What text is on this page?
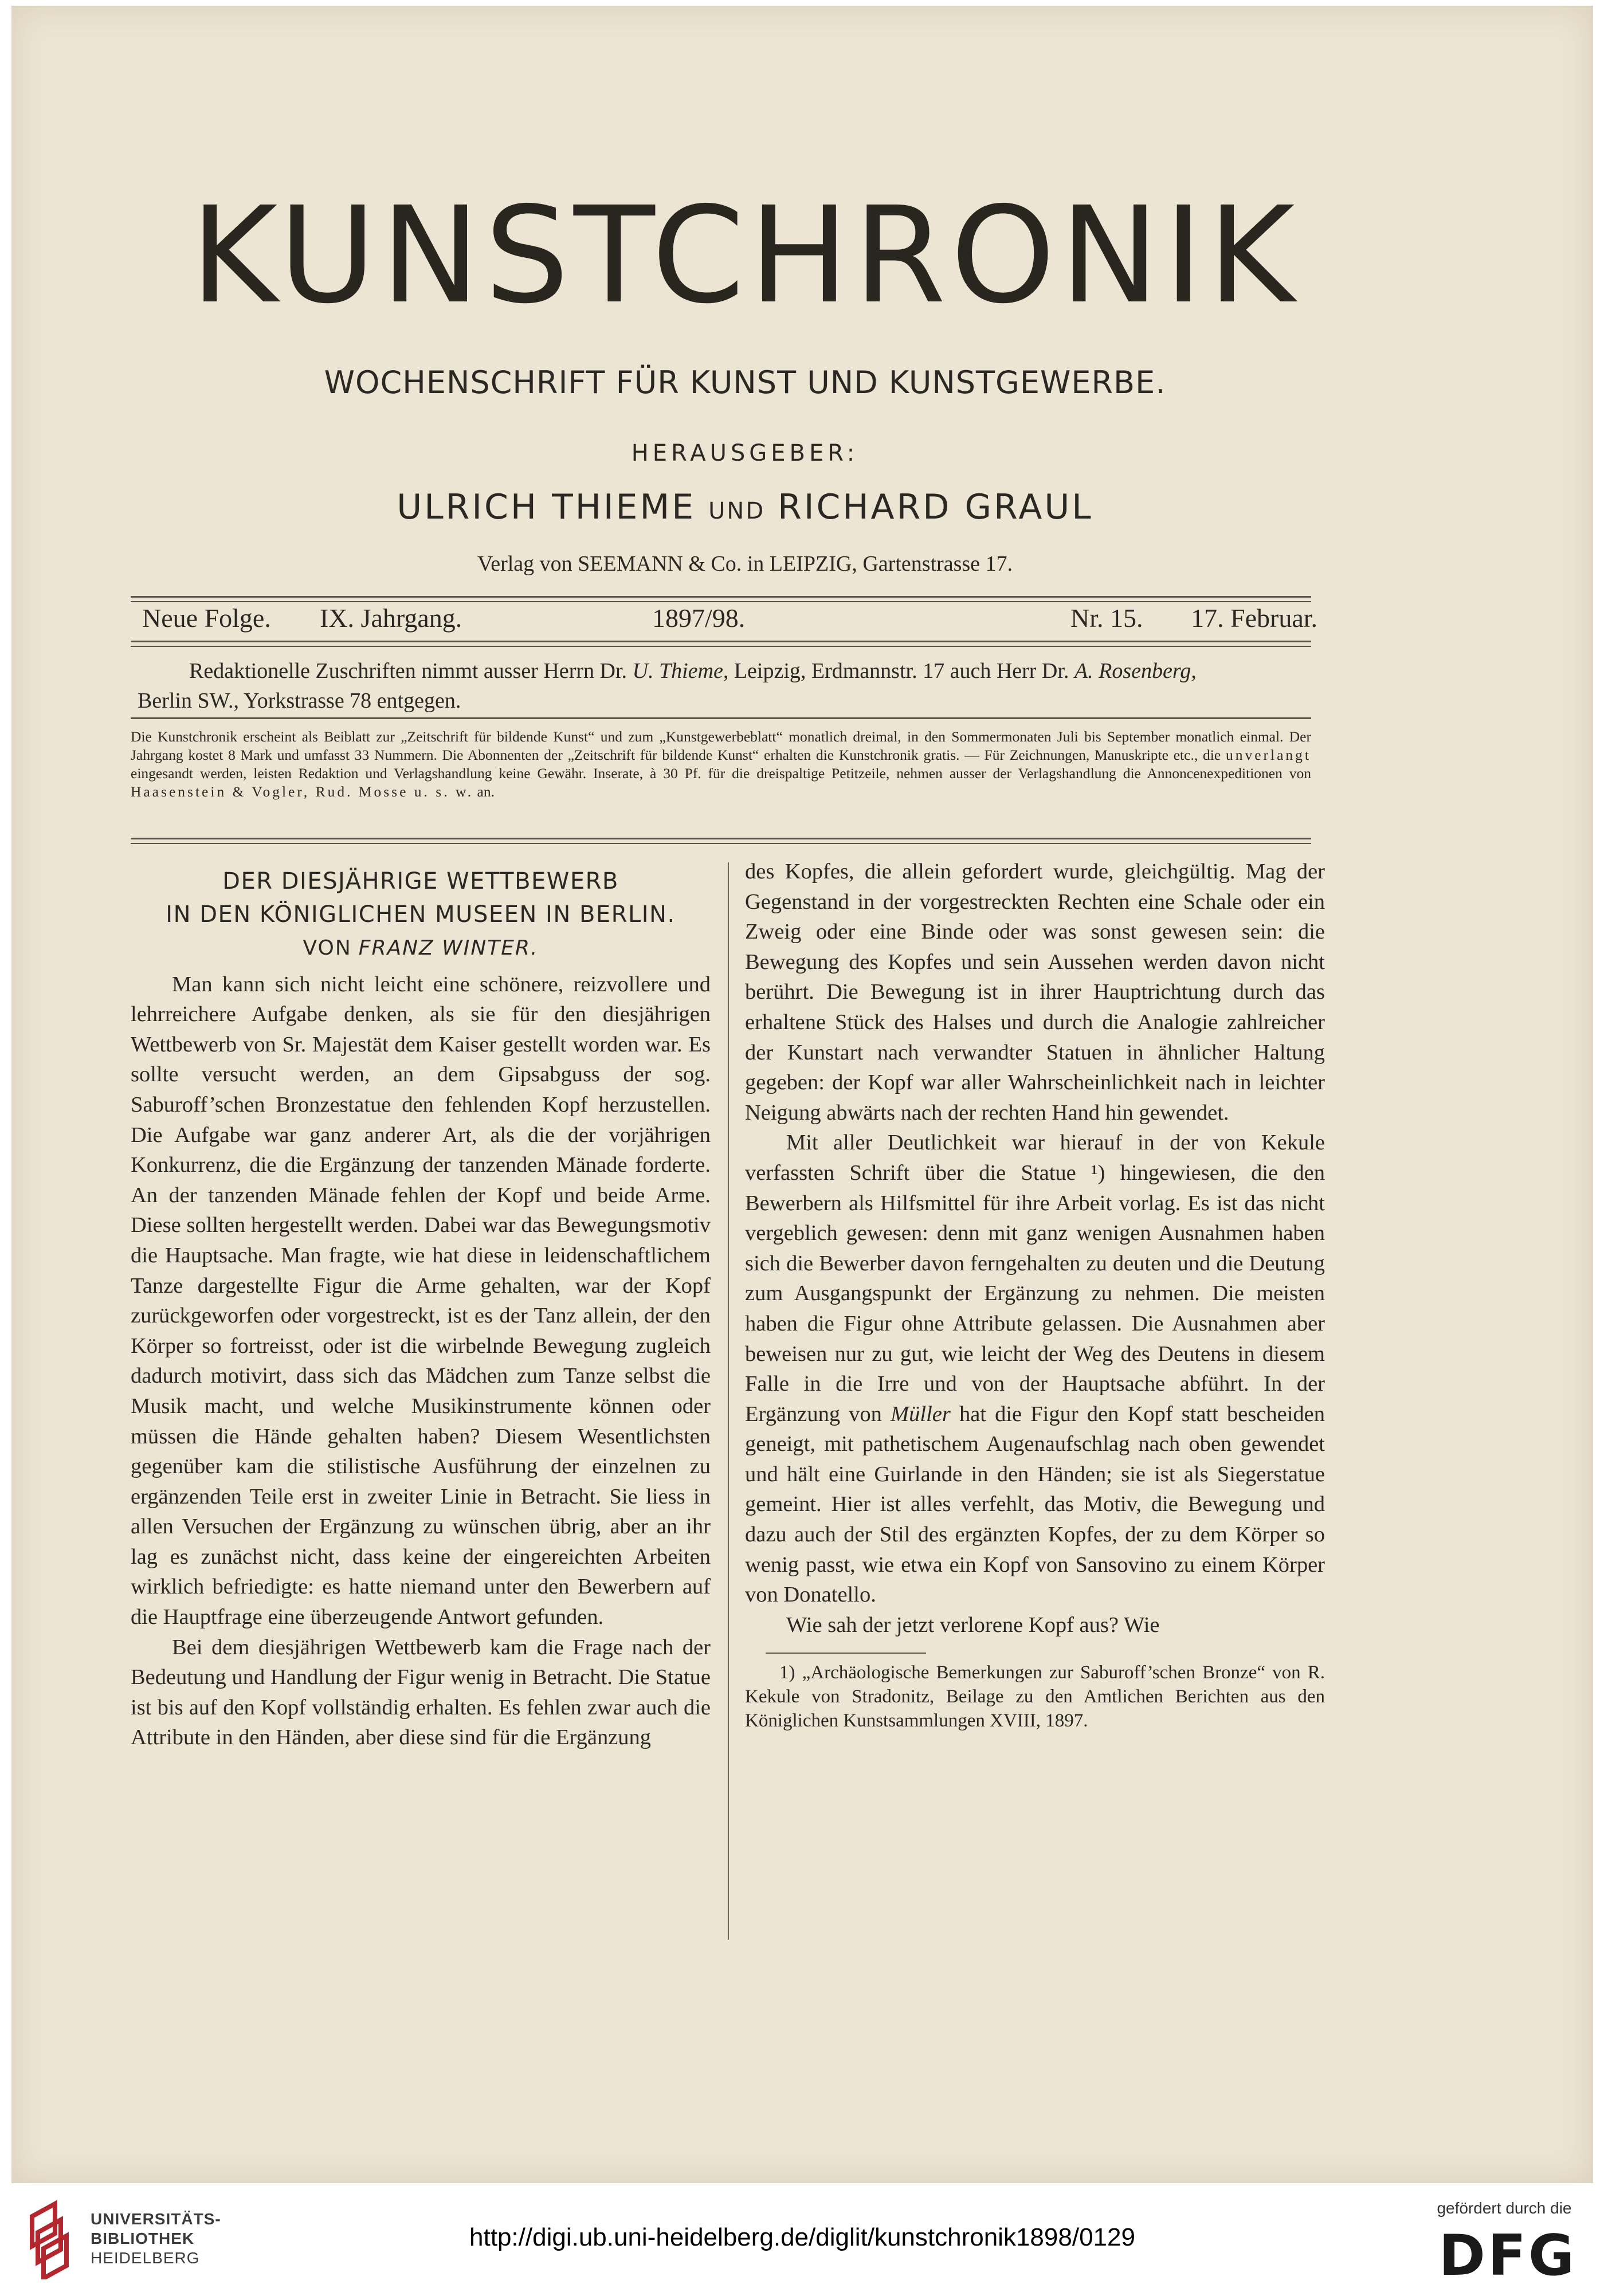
KUNSTCHRONIK
WOCHENSCHRIFT FÜR KUNST UND KUNSTGEWERBE.
HERAUSGEBER:
ULRICH THIEME UND RICHARD GRAUL
Verlag von SEEMANN & Co. in LEIPZIG, Gartenstrasse 17.
Neue Folge. IX. Jahrgang.	1897/98.	Nr. 15. 17. Februar.
Redaktionelle Zuschriften nimmt ausser Herrn Dr. U. Thieme, Leipzig, Erdmannstr. 17 auch Herr Dr. A. Rosenberg,
Berlin SW., Yorkstrasse 78 entgegen.
Die Kunstchronik erscheint als Beiblatt zur „Zeitschrift für bildende Kunst“ und zum „Kunstgewerbeblatt“ monatlich dreimal, in den Sommermonaten Juli bis September monatlich einmal. Der Jahrgang kostet 8 Mark und umfasst 33 Nummern. Die Abonnenten der „Zeitschrift für bildende Kunst“ erhalten die Kunstchronik gratis. — Für Zeichnungen, Manuskripte etc., die unverlangt eingesandt werden, leisten Redaktion und Verlagshandlung keine Gewähr. Inserate, à 30 Pf. für die dreispaltige Petitzeile, nehmen ausser der Verlagshandlung die Annoncenexpeditionen von Haasenstein & Vogler, Rud. Mosse u. s. w. an.
DER DIESJÄHRIGE WETTBEWERB
IN DEN KÖNIGLICHEN MUSEEN IN BERLIN.
VON FRANZ WINTER.

Man kann sich nicht leicht eine schönere, reizvollere und lehrreichere Aufgabe denken, als sie für den diesjährigen Wettbewerb von Sr. Majestät dem Kaiser gestellt worden war. Es sollte versucht werden, an dem Gipsabguss der sog. Saburoff’schen Bronzestatue den fehlenden Kopf herzustellen. Die Aufgabe war ganz anderer Art, als die der vorjährigen Konkurrenz, die die Ergänzung der tanzenden Mänade forderte. An der tanzenden Mänade fehlen der Kopf und beide Arme. Diese sollten hergestellt werden. Dabei war das Bewegungsmotiv die Hauptsache. Man fragte, wie hat diese in leidenschaftlichem Tanze dargestellte Figur die Arme gehalten, war der Kopf zurückgeworfen oder vorgestreckt, ist es der Tanz allein, der den Körper so fortreisst, oder ist die wirbelnde Bewegung zugleich dadurch motivirt, dass sich das Mädchen zum Tanze selbst die Musik macht, und welche Musikinstrumente können oder müssen die Hände gehalten haben? Diesem Wesentlichsten gegenüber kam die stilistische Ausführung der einzelnen zu ergänzenden Teile erst in zweiter Linie in Betracht. Sie liess in allen Versuchen der Ergänzung zu wünschen übrig, aber an ihr lag es zunächst nicht, dass keine der eingereichten Arbeiten wirklich befriedigte: es hatte niemand unter den Bewerbern auf die Hauptfrage eine überzeugende Antwort gefunden.

Bei dem diesjährigen Wettbewerb kam die Frage nach der Bedeutung und Handlung der Figur wenig in Betracht. Die Statue ist bis auf den Kopf vollständig erhalten. Es fehlen zwar auch die Attribute in den Händen, aber diese sind für die Ergänzung

des Kopfes, die allein gefordert wurde, gleichgültig. Mag der Gegenstand in der vorgestreckten Rechten eine Schale oder ein Zweig oder eine Binde oder was sonst gewesen sein: die Bewegung des Kopfes und sein Aussehen werden davon nicht berührt. Die Bewegung ist in ihrer Hauptrichtung durch das erhaltene Stück des Halses und durch die Analogie zahlreicher der Kunstart nach verwandter Statuen in ähnlicher Haltung gegeben: der Kopf war aller Wahrscheinlichkeit nach in leichter Neigung abwärts nach der rechten Hand hin gewendet.

Mit aller Deutlichkeit war hierauf in der von Kekule verfassten Schrift über die Statue ¹) hingewiesen, die den Bewerbern als Hilfsmittel für ihre Arbeit vorlag. Es ist das nicht vergeblich gewesen: denn mit ganz wenigen Ausnahmen haben sich die Bewerber davon ferngehalten zu deuten und die Deutung zum Ausgangspunkt der Ergänzung zu nehmen. Die meisten haben die Figur ohne Attribute gelassen. Die Ausnahmen aber beweisen nur zu gut, wie leicht der Weg des Deutens in diesem Falle in die Irre und von der Hauptsache abführt. In der Ergänzung von Müller hat die Figur den Kopf statt bescheiden geneigt, mit pathetischem Augenaufschlag nach oben gewendet und hält eine Guirlande in den Händen; sie ist als Siegerstatue gemeint. Hier ist alles verfehlt, das Motiv, die Bewegung und dazu auch der Stil des ergänzten Kopfes, der zu dem Körper so wenig passt, wie etwa ein Kopf von Sansovino zu einem Körper von Donatello.

Wie sah der jetzt verlorene Kopf aus? Wie

1) „Archäologische Bemerkungen zur Saburoff’schen Bronze“ von R. Kekule von Stradonitz, Beilage zu den Amtlichen Berichten aus den Königlichen Kunstsammlungen XVIII, 1897.
UNIVERSITÄTS-
BIBLIOTHEK
HEIDELBERG
http://digi.ub.uni-heidelberg.de/diglit/kunstchronik1898/0129
gefördert durch die
DFG
